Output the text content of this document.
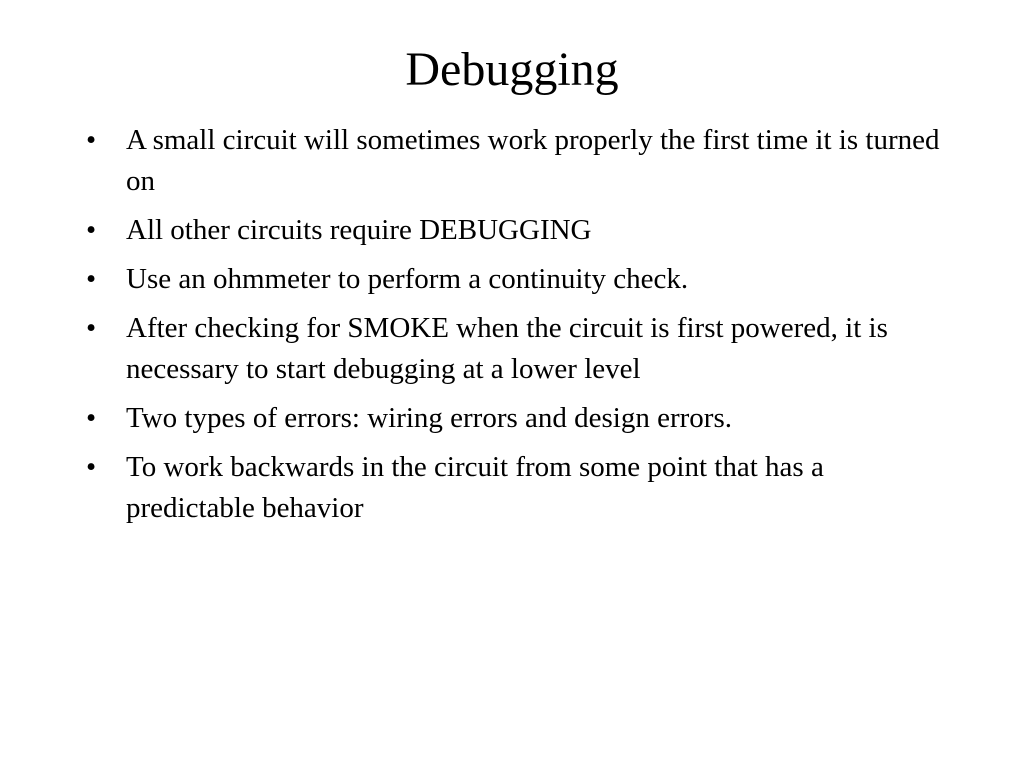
Debugging
• A small circuit will sometimes work properly the first time it is turned on
• All other circuits require DEBUGGING
• Use an ohmmeter to perform a continuity check.
• After checking for SMOKE when the circuit is first powered, it is necessary to start debugging at a lower level
• Two types of errors: wiring errors and design errors.
• To work backwards in the circuit from some point that has a predictable behavior
